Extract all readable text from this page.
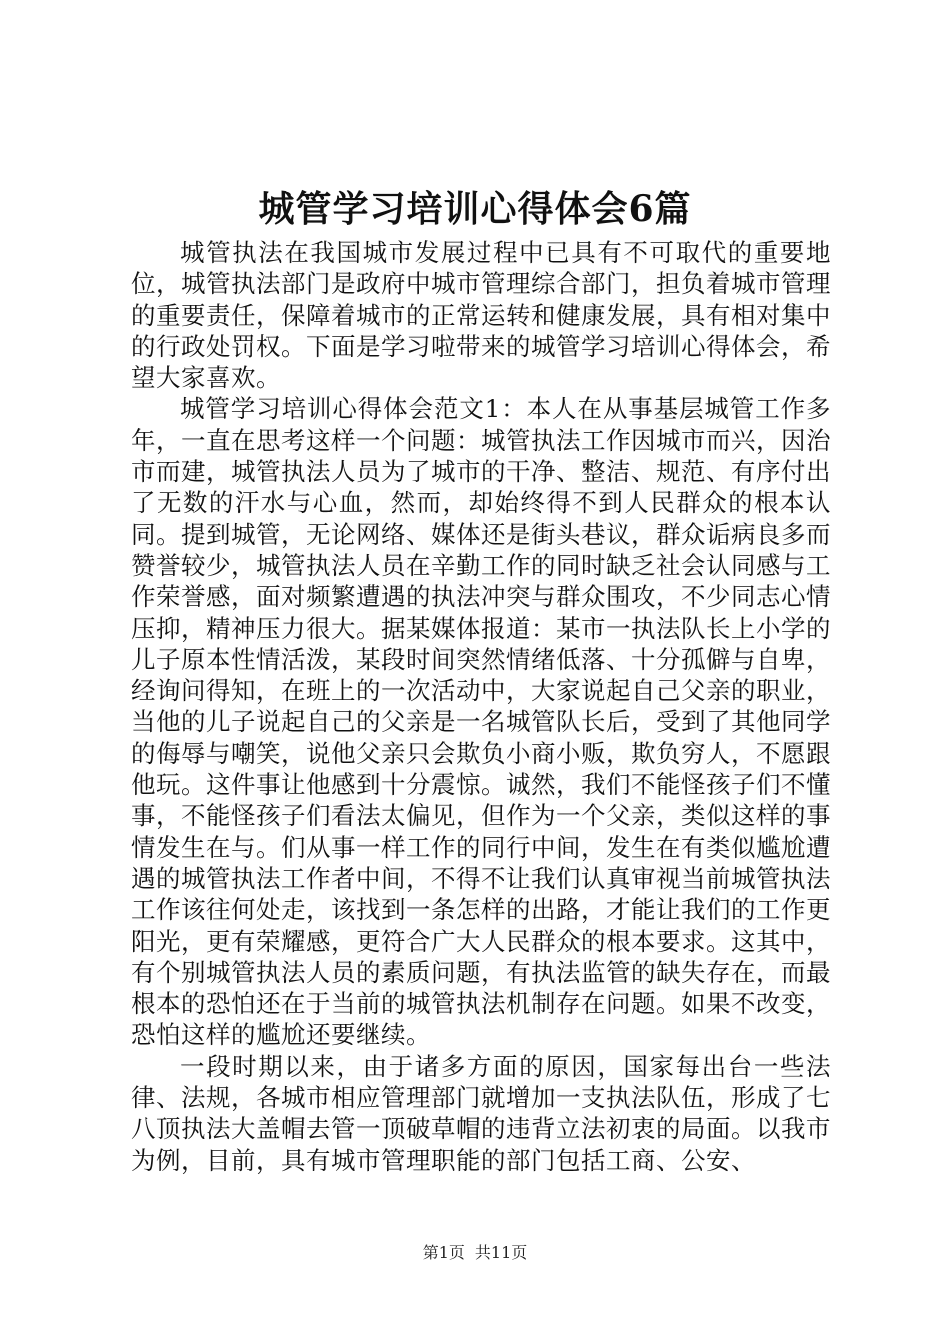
城管学习培训心得体会6篇

城管执法在我国城市发展过程中已具有不可取代的重要地位，城管执法部门是政府中城市管理综合部门，担负着城市管理的重要责任，保障着城市的正常运转和健康发展，具有相对集中的行政处罚权。下面是学习啦带来的城管学习培训心得体会，希望大家喜欢。

城管学习培训心得体会范文1：本人在从事基层城管工作多年，一直在思考这样一个问题：城管执法工作因城市而兴，因治市而建，城管执法人员为了城市的干净、整洁、规范、有序付出了无数的汗水与心血，然而，却始终得不到人民群众的根本认同。提到城管，无论网络、媒体还是街头巷议，群众诟病良多而赞誉较少，城管执法人员在辛勤工作的同时缺乏社会认同感与工作荣誉感，面对频繁遭遇的执法冲突与群众围攻，不少同志心情压抑，精神压力很大。据某媒体报道：某市一执法队长上小学的儿子原本性情活泼，某段时间突然情绪低落、十分孤僻与自卑，经询问得知，在班上的一次活动中，大家说起自己父亲的职业，当他的儿子说起自己的父亲是一名城管队长后，受到了其他同学的侮辱与嘲笑，说他父亲只会欺负小商小贩，欺负穷人，不愿跟他玩。这件事让他感到十分震惊。诚然，我们不能怪孩子们不懂事，不能怪孩子们看法太偏见，但作为一个父亲，类似这样的事情发生在与。们从事一样工作的同行中间，发生在有类似尴尬遭遇的城管执法工作者中间，不得不让我们认真审视当前城管执法工作该往何处走，该找到一条怎样的出路，才能让我们的工作更阳光，更有荣耀感，更符合广大人民群众的根本要求。这其中，有个别城管执法人员的素质问题，有执法监管的缺失存在，而最根本的恐怕还在于当前的城管执法机制存在问题。如果不改变，恐怕这样的尴尬还要继续。

一段时期以来，由于诸多方面的原因，国家每出台一些法律、法规，各城市相应管理部门就增加一支执法队伍，形成了七八顶执法大盖帽去管一顶破草帽的违背立法初衷的局面。以我市为例，目前，具有城市管理职能的部门包括工商、公安、

第1页 共11页
